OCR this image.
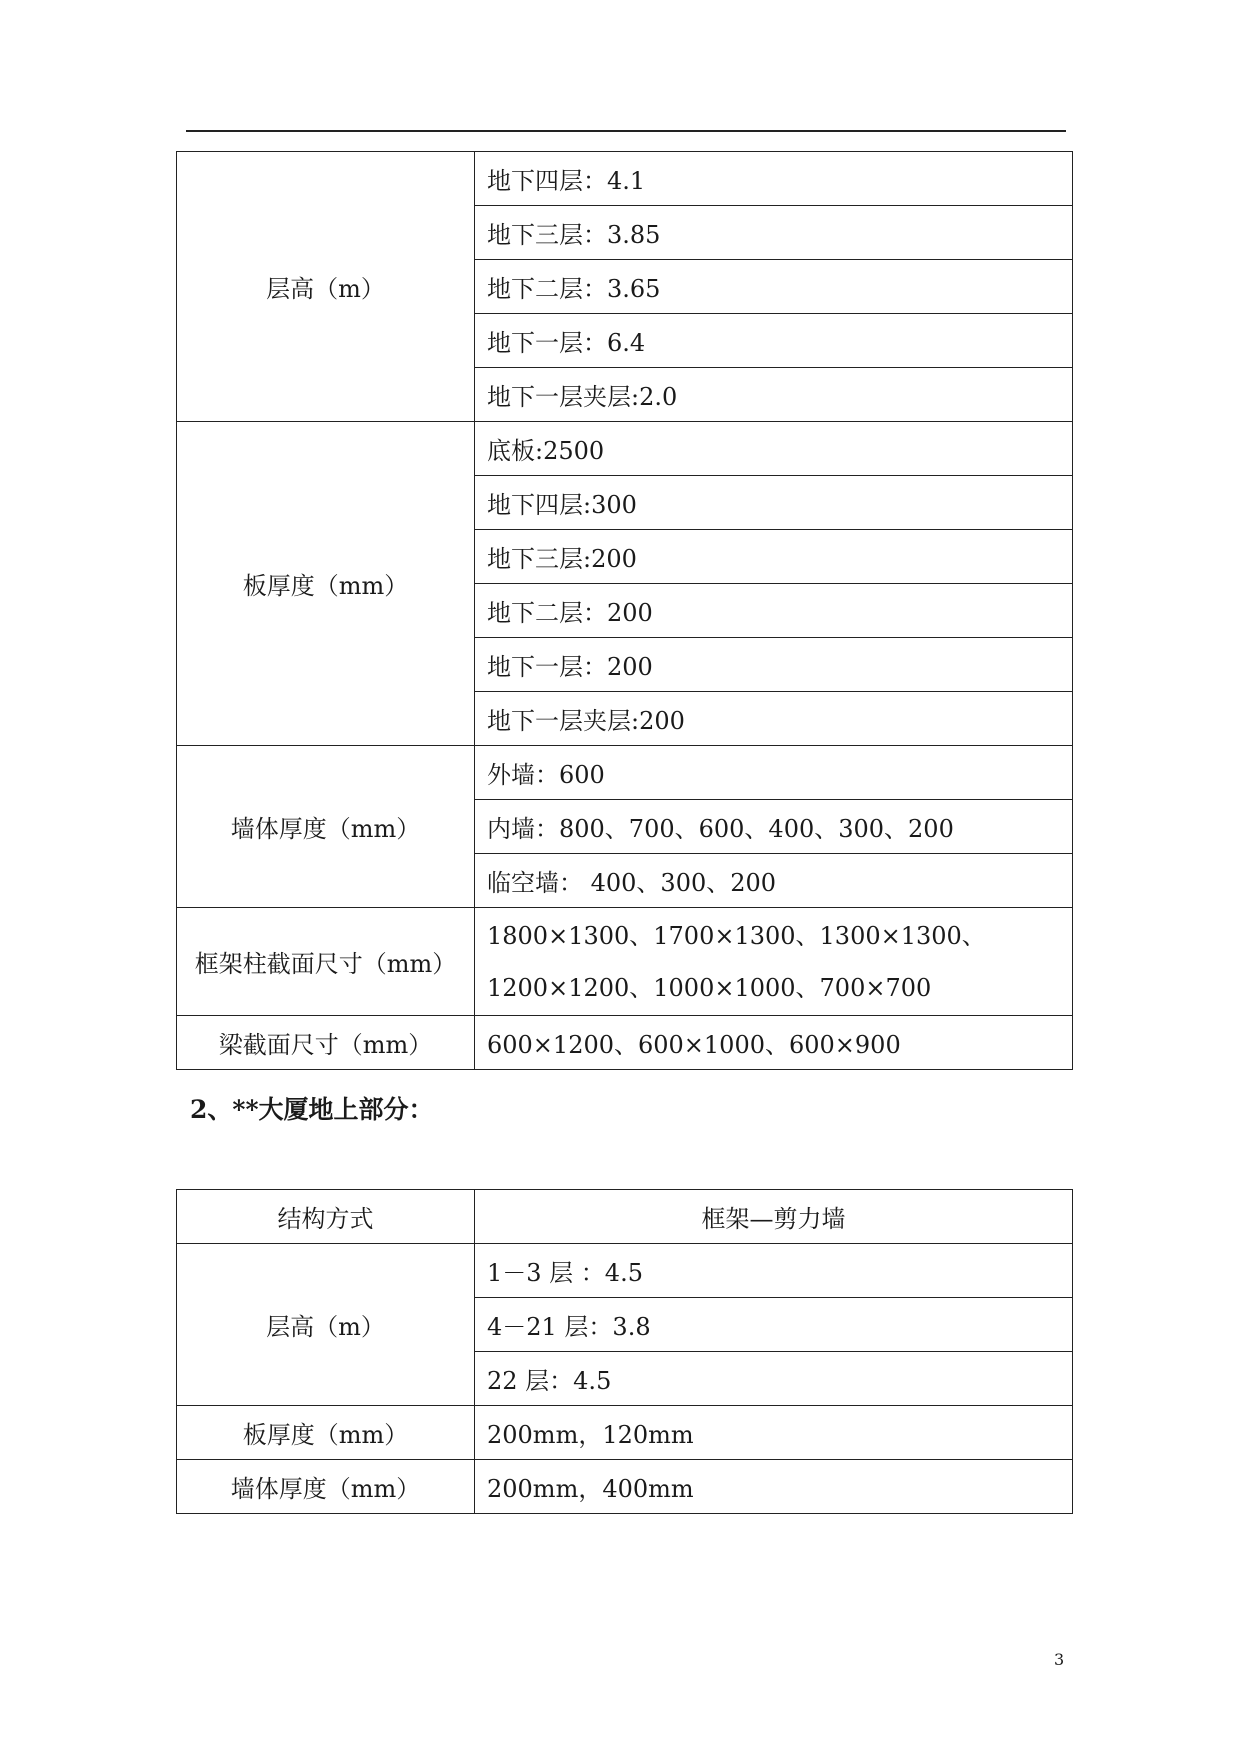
层高（m）	地下四层：4.1
	地下三层：3.85
	地下二层：3.65
	地下一层：6.4
	地下一层夹层:2.0
板厚度（mm）	底板:2500
	地下四层:300
	地下三层:200
	地下二层：200
	地下一层：200
	地下一层夹层:200
墙体厚度（mm）	外墙：600
	内墙：800、700、600、400、300、200
	临空墙： 400、300、200
框架柱截面尺寸（mm）	1800×1300、1700×1300、1300×1300、1200×1200、1000×1000、700×700
梁截面尺寸（mm）	600×1200、600×1000、600×900
2、**大厦地上部分：
结构方式	框架—剪力墙
层高（m）	1－3 层 ：4.5
	4－21 层：3.8
	22 层：4.5
板厚度（mm）	200mm，120mm
墙体厚度（mm）	200mm，400mm
3
